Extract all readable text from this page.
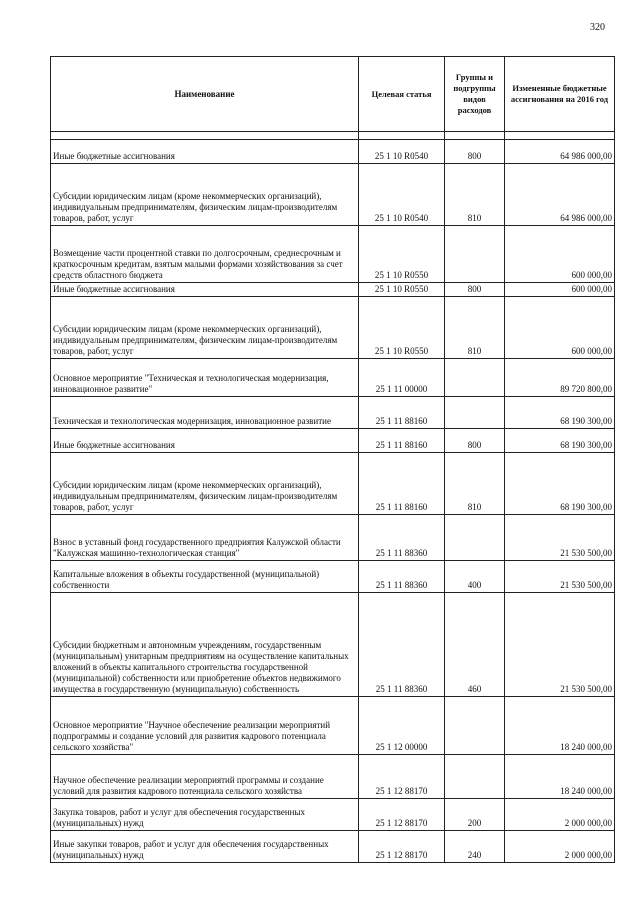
320
Наименование	Целевая статья	Группы и подгруппы видов расходов	Измененные бюджетные ассигнования на 2016 год

Иные бюджетные ассигнования	25 1 10 R0540	800	64 986 000,00
Субсидии юридическим лицам (кроме некоммерческих организаций), индивидуальным предпринимателям, физическим лицам-производителям товаров, работ, услуг	25 1 10 R0540	810	64 986 000,00
Возмещение части процентной ставки по долгосрочным, среднесрочным и краткосрочным кредитам, взятым малыми формами хозяйствования за счет средств областного бюджета	25 1 10 R0550		600 000,00
Иные бюджетные ассигнования	25 1 10 R0550	800	600 000,00
Субсидии юридическим лицам (кроме некоммерческих организаций), индивидуальным предпринимателям, физическим лицам-производителям товаров, работ, услуг	25 1 10 R0550	810	600 000,00
Основное мероприятие "Техническая и технологическая модернизация, инновационное развитие"	25 1 11 00000		89 720 800,00
Техническая и технологическая модернизация, инновационное развитие	25 1 11 88160		68 190 300,00
Иные бюджетные ассигнования	25 1 11 88160	800	68 190 300,00
Субсидии юридическим лицам (кроме некоммерческих организаций), индивидуальным предпринимателям, физическим лицам-производителям товаров, работ, услуг	25 1 11 88160	810	68 190 300,00
Взнос в уставный фонд государственного предприятия Калужской области "Калужская машинно-технологическая станция"	25 1 11 88360		21 530 500,00
Капитальные вложения в объекты государственной (муниципальной) собственности	25 1 11 88360	400	21 530 500,00
Субсидии бюджетным и автономным учреждениям, государственным (муниципальным) унитарным предприятиям на осуществление капитальных вложений в объекты капитального строительства государственной (муниципальной) собственности или приобретение объектов недвижимого имущества в государственную (муниципальную) собственность	25 1 11 88360	460	21 530 500,00
Основное мероприятие "Научное обеспечение реализации мероприятий подпрограммы и создание условий для развития кадрового потенциала сельского хозяйства"	25 1 12 00000		18 240 000,00
Научное обеспечение реализации мероприятий программы и создание условий для развития кадрового потенциала сельского хозяйства	25 1 12 88170		18 240 000,00
Закупка товаров, работ и услуг для обеспечения государственных (муниципальных) нужд	25 1 12 88170	200	2 000 000,00
Иные закупки товаров, работ и услуг для обеспечения государственных (муниципальных) нужд	25 1 12 88170	240	2 000 000,00
